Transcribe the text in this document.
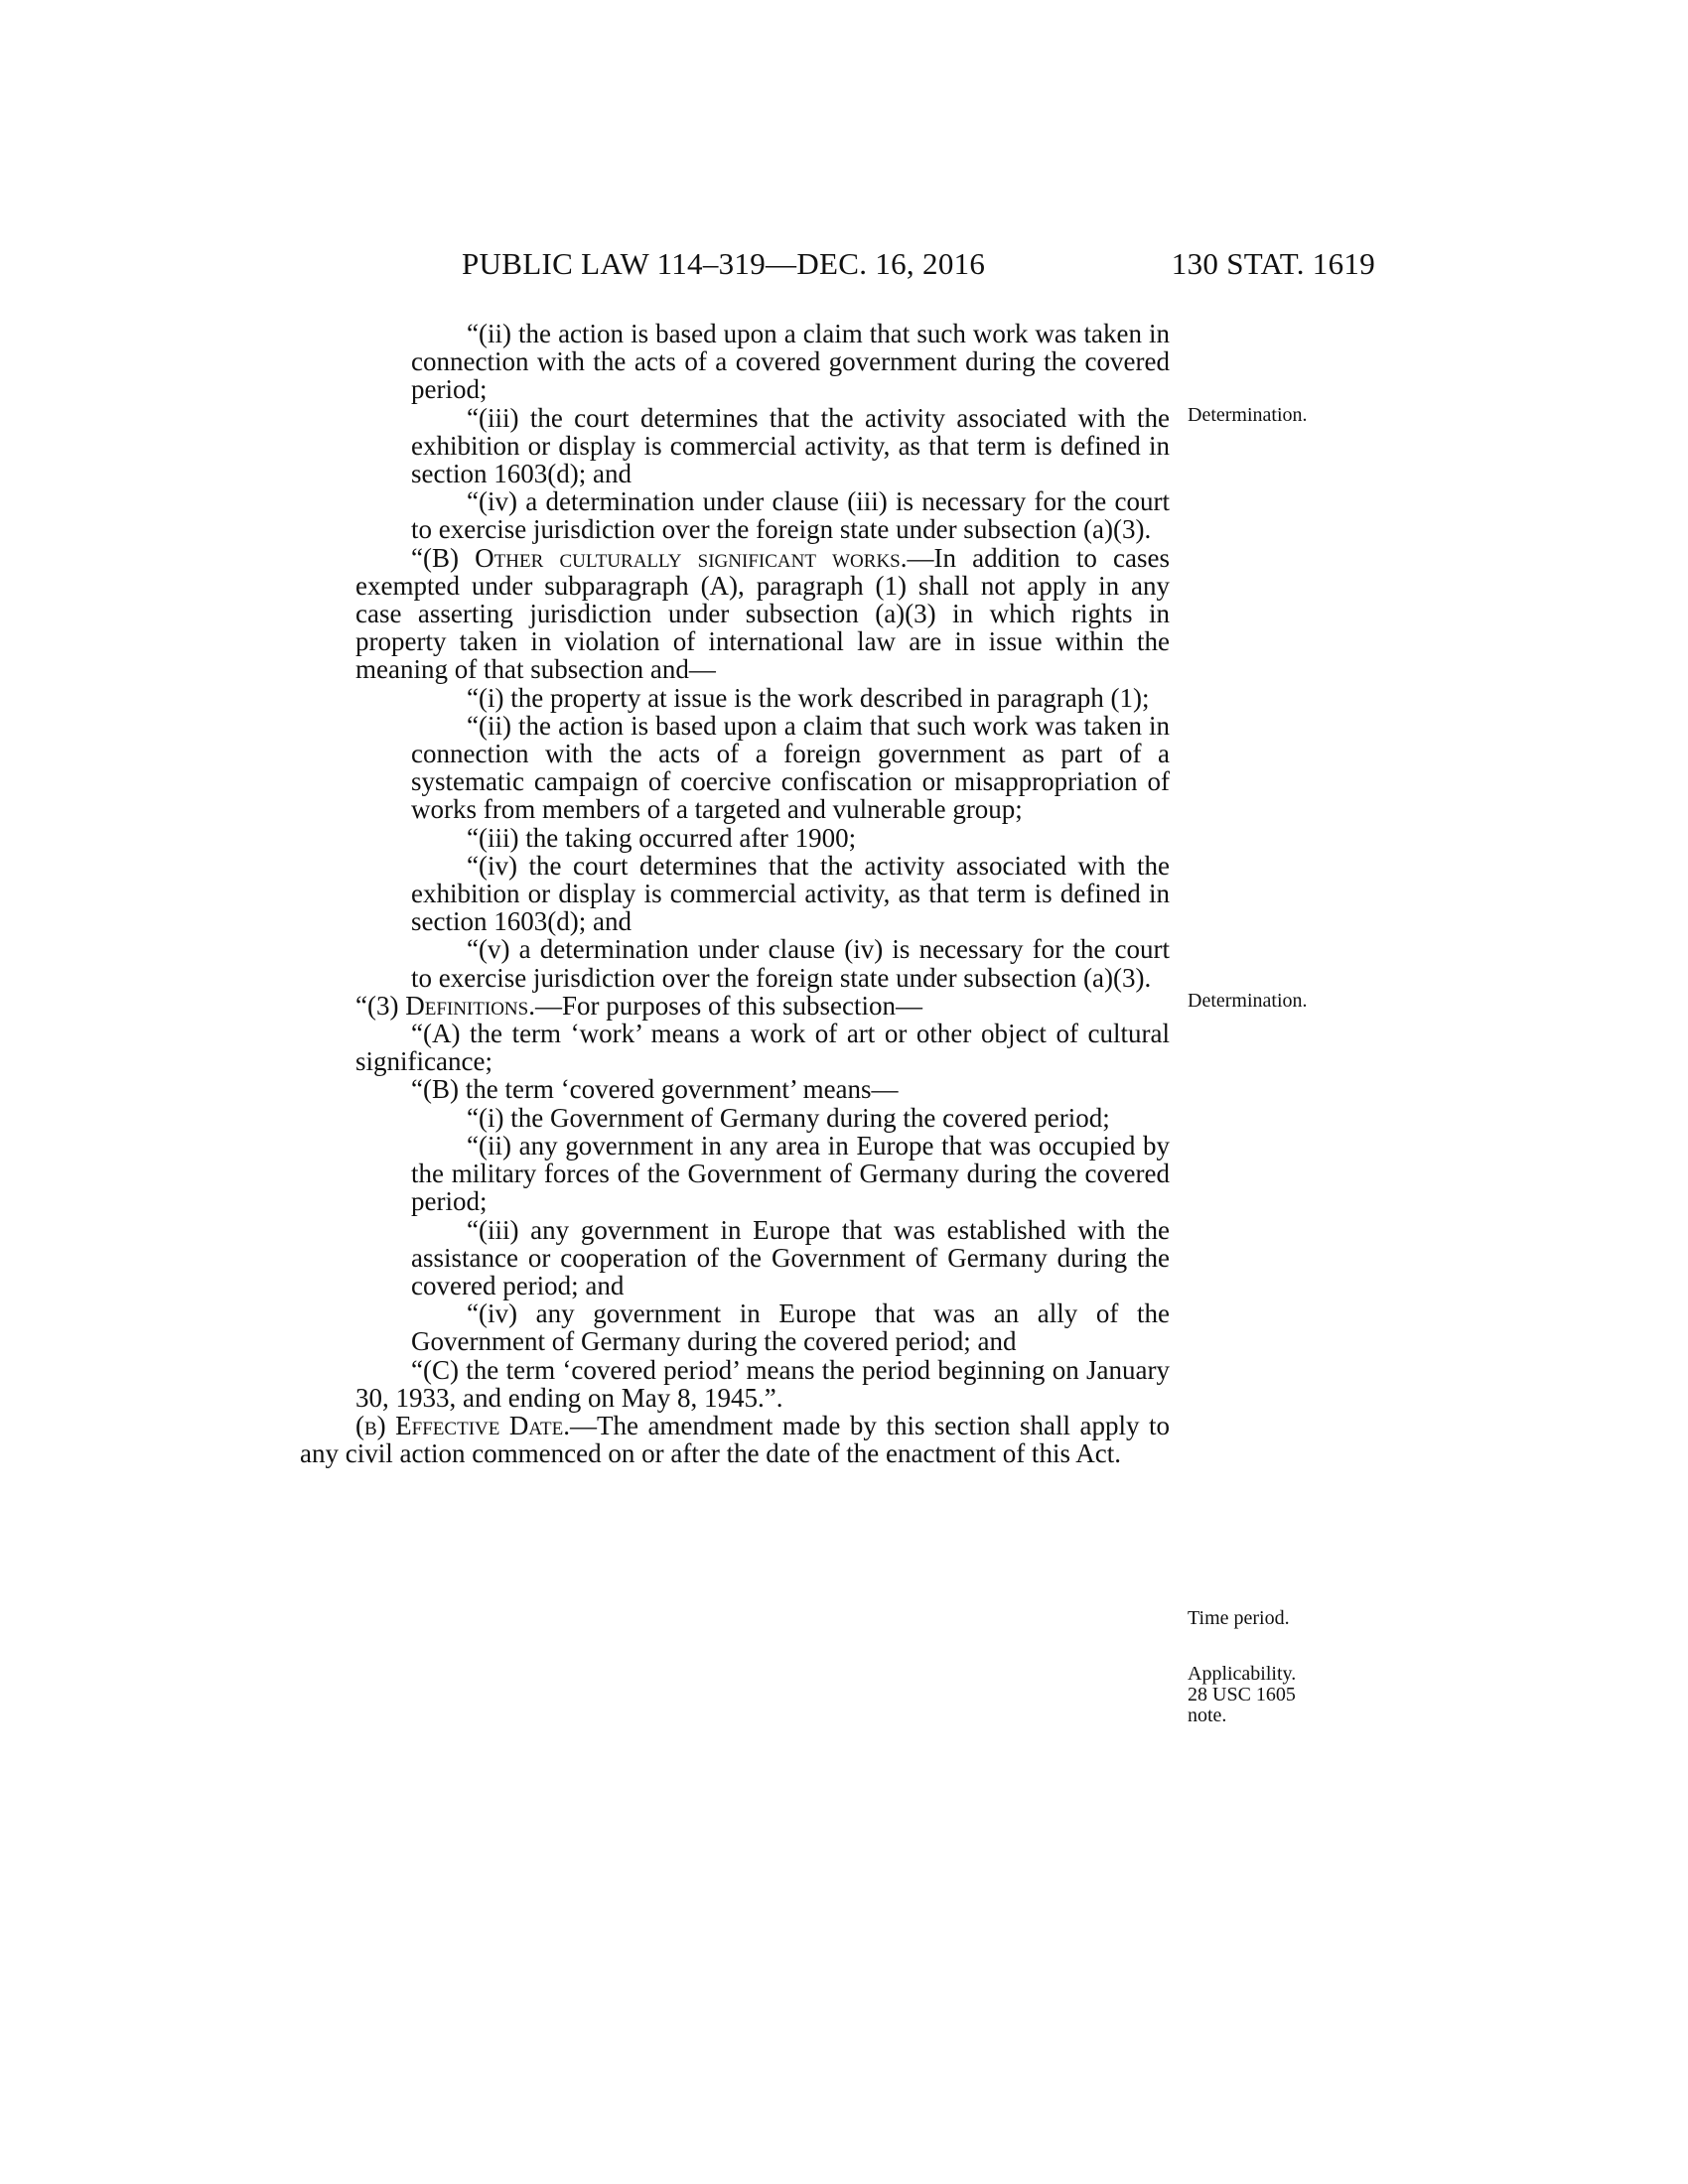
PUBLIC LAW 114–319—DEC. 16, 2016	130 STAT. 1619

“(ii) the action is based upon a claim that such work was taken in connection with the acts of a covered government during the covered period;

“(iii) the court determines that the activity associated with the exhibition or display is commercial activity, as that term is defined in section 1603(d); and

“(iv) a determination under clause (iii) is necessary for the court to exercise jurisdiction over the foreign state under subsection (a)(3).

“(B) Other culturally significant works.—In addition to cases exempted under subparagraph (A), paragraph (1) shall not apply in any case asserting jurisdiction under subsection (a)(3) in which rights in property taken in violation of international law are in issue within the meaning of that subsection and—

“(i) the property at issue is the work described in paragraph (1);

“(ii) the action is based upon a claim that such work was taken in connection with the acts of a foreign government as part of a systematic campaign of coercive confiscation or misappropriation of works from members of a targeted and vulnerable group;

“(iii) the taking occurred after 1900;

“(iv) the court determines that the activity associated with the exhibition or display is commercial activity, as that term is defined in section 1603(d); and

“(v) a determination under clause (iv) is necessary for the court to exercise jurisdiction over the foreign state under subsection (a)(3).

“(3) Definitions.—For purposes of this subsection—

“(A) the term ‘work’ means a work of art or other object of cultural significance;

“(B) the term ‘covered government’ means—

“(i) the Government of Germany during the covered period;

“(ii) any government in any area in Europe that was occupied by the military forces of the Government of Germany during the covered period;

“(iii) any government in Europe that was established with the assistance or cooperation of the Government of Germany during the covered period; and

“(iv) any government in Europe that was an ally of the Government of Germany during the covered period; and

“(C) the term ‘covered period’ means the period beginning on January 30, 1933, and ending on May 8, 1945.”.

(b) Effective Date.—The amendment made by this section shall apply to any civil action commenced on or after the date of the enactment of this Act.

Determination.
Determination.
Time period.
Applicability.
28 USC 1605
note.
